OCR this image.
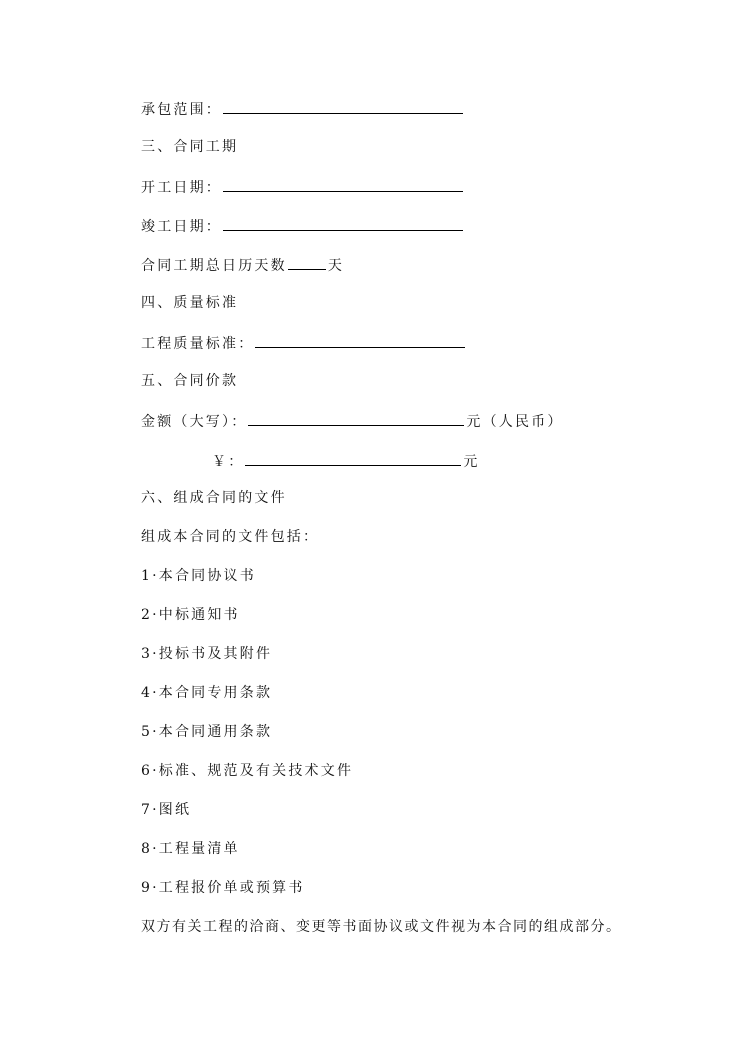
承包范围：
三、合同工期
开工日期：
竣工日期：
合同工期总日历天数	天
四、质量标准
工程质量标准：
五、合同价款
金额（大写）：	元（人民币）
￥：	元
六、组成合同的文件
组成本合同的文件包括：
1·本合同协议书
2·中标通知书
3·投标书及其附件
4·本合同专用条款
5·本合同通用条款
6·标准、规范及有关技术文件
7·图纸
8·工程量清单
9·工程报价单或预算书
双方有关工程的洽商、变更等书面协议或文件视为本合同的组成部分。
